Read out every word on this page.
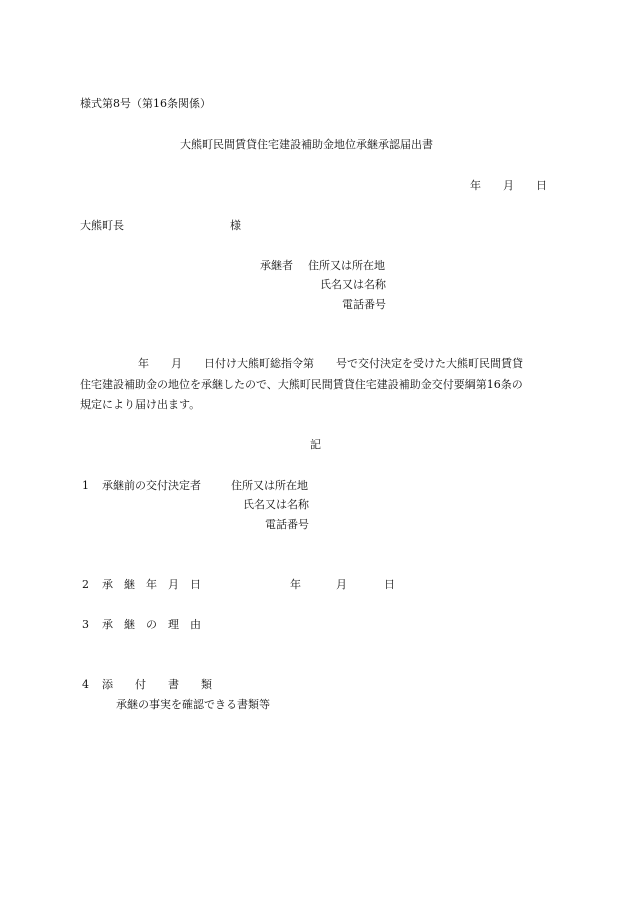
様式第8号（第16条関係）
大熊町民間賃貸住宅建設補助金地位承継承認届出書
年　　月　　日
大熊町長	様
承継者 住所又は所在地
氏名又は名称
電話番号
年　　月　　日付け大熊町総指令第　　号で交付決定を受けた大熊町民間賃貸
住宅建設補助金の地位を承継したので、大熊町民間賃貸住宅建設補助金交付要綱第16条の
規定により届け出ます。
記
1 承継前の交付決定者	住所又は所在地
氏名又は名称
電話番号
2 承　継　年　月　日	年	月	日
3 承　継　の　理　由
4 添　　付　　書　　類
承継の事実を確認できる書類等
